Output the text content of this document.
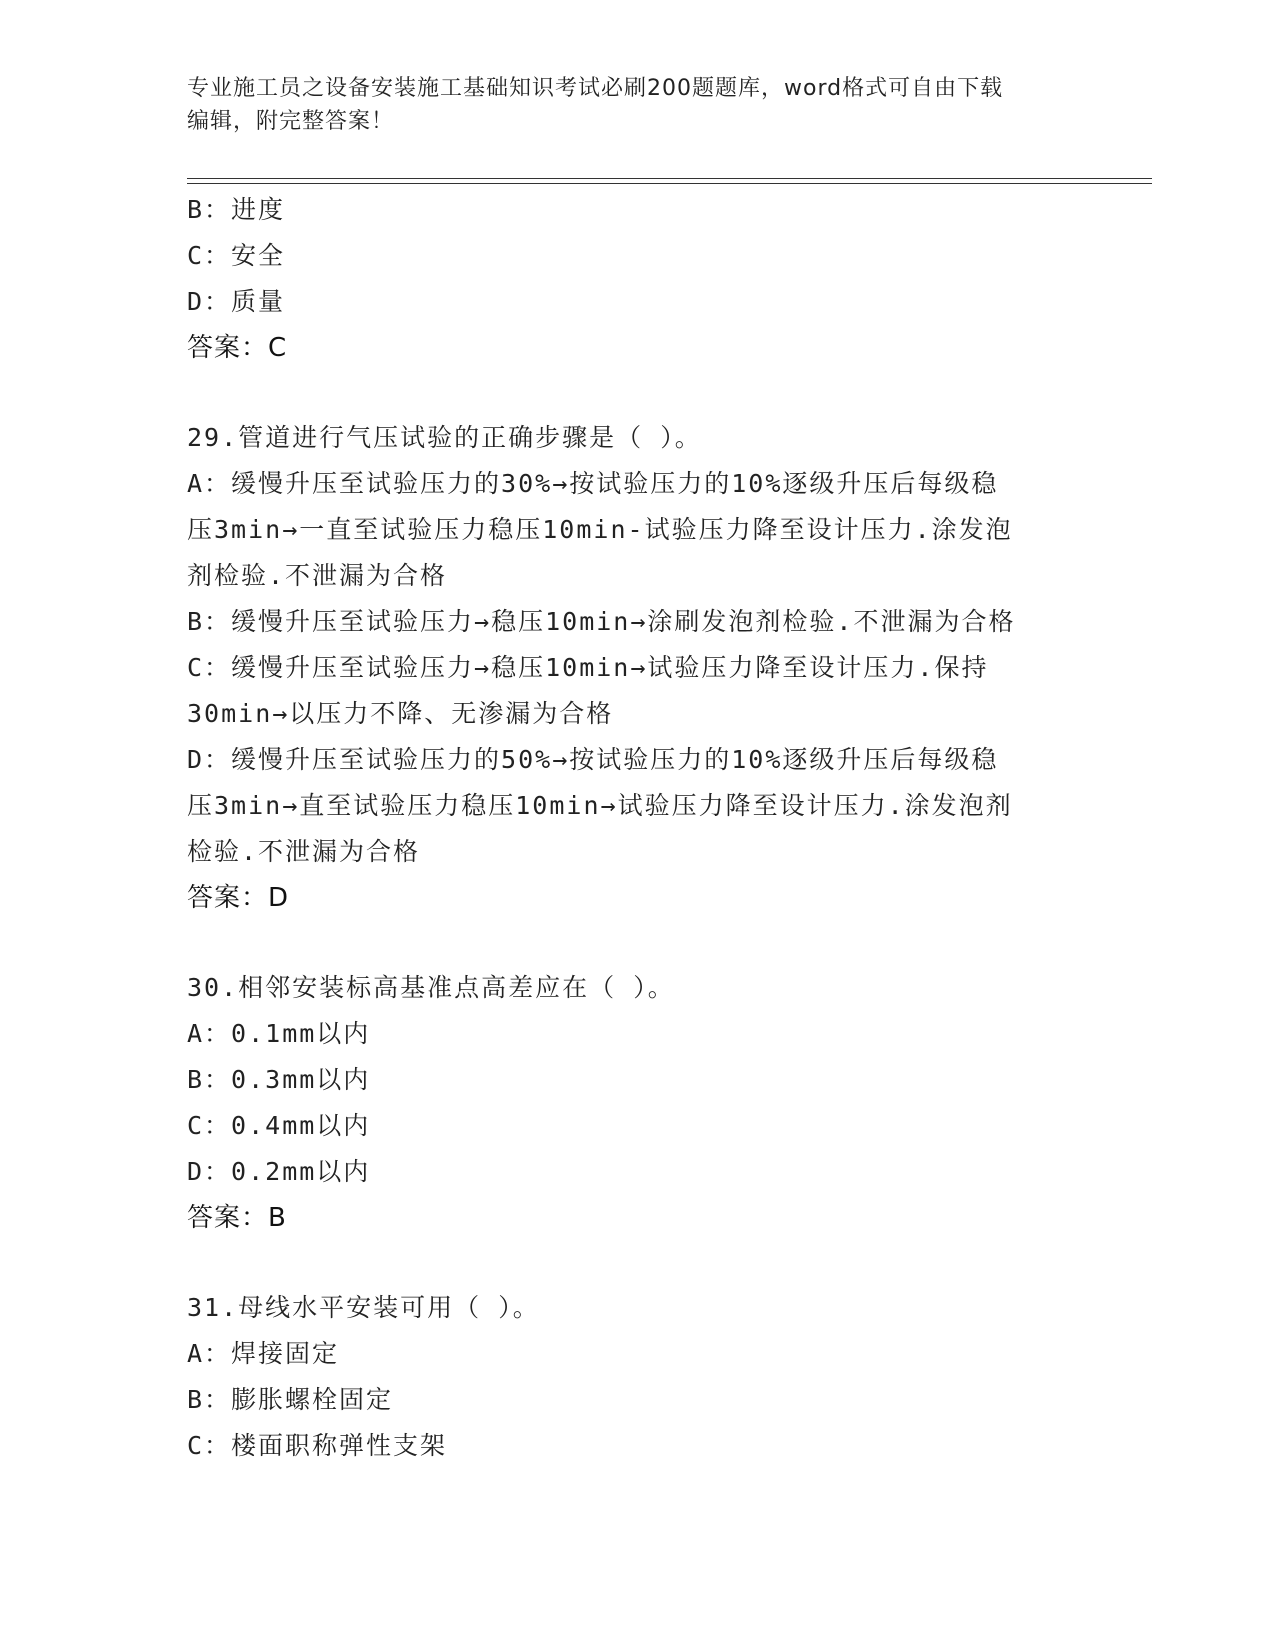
专业施工员之设备安装施工基础知识考试必刷200题题库，word格式可自由下载
编辑，附完整答案！
B：进度
C：安全
D：质量
答案：C
29.管道进行气压试验的正确步骤是（ ）。
A：缓慢升压至试验压力的30%→按试验压力的10%逐级升压后每级稳
压3min→一直至试验压力稳压10min-试验压力降至设计压力.涂发泡
剂检验.不泄漏为合格
B：缓慢升压至试验压力→稳压10min→涂刷发泡剂检验.不泄漏为合格
C：缓慢升压至试验压力→稳压10min→试验压力降至设计压力.保持
30min→以压力不降、无渗漏为合格
D：缓慢升压至试验压力的50%→按试验压力的10%逐级升压后每级稳
压3min→直至试验压力稳压10min→试验压力降至设计压力.涂发泡剂
检验.不泄漏为合格
答案：D
30.相邻安装标高基准点高差应在（ ）。
A：0.1mm以内
B：0.3mm以内
C：0.4mm以内
D：0.2mm以内
答案：B
31.母线水平安装可用（ ）。
A：焊接固定
B：膨胀螺栓固定
C：楼面职称弹性支架
